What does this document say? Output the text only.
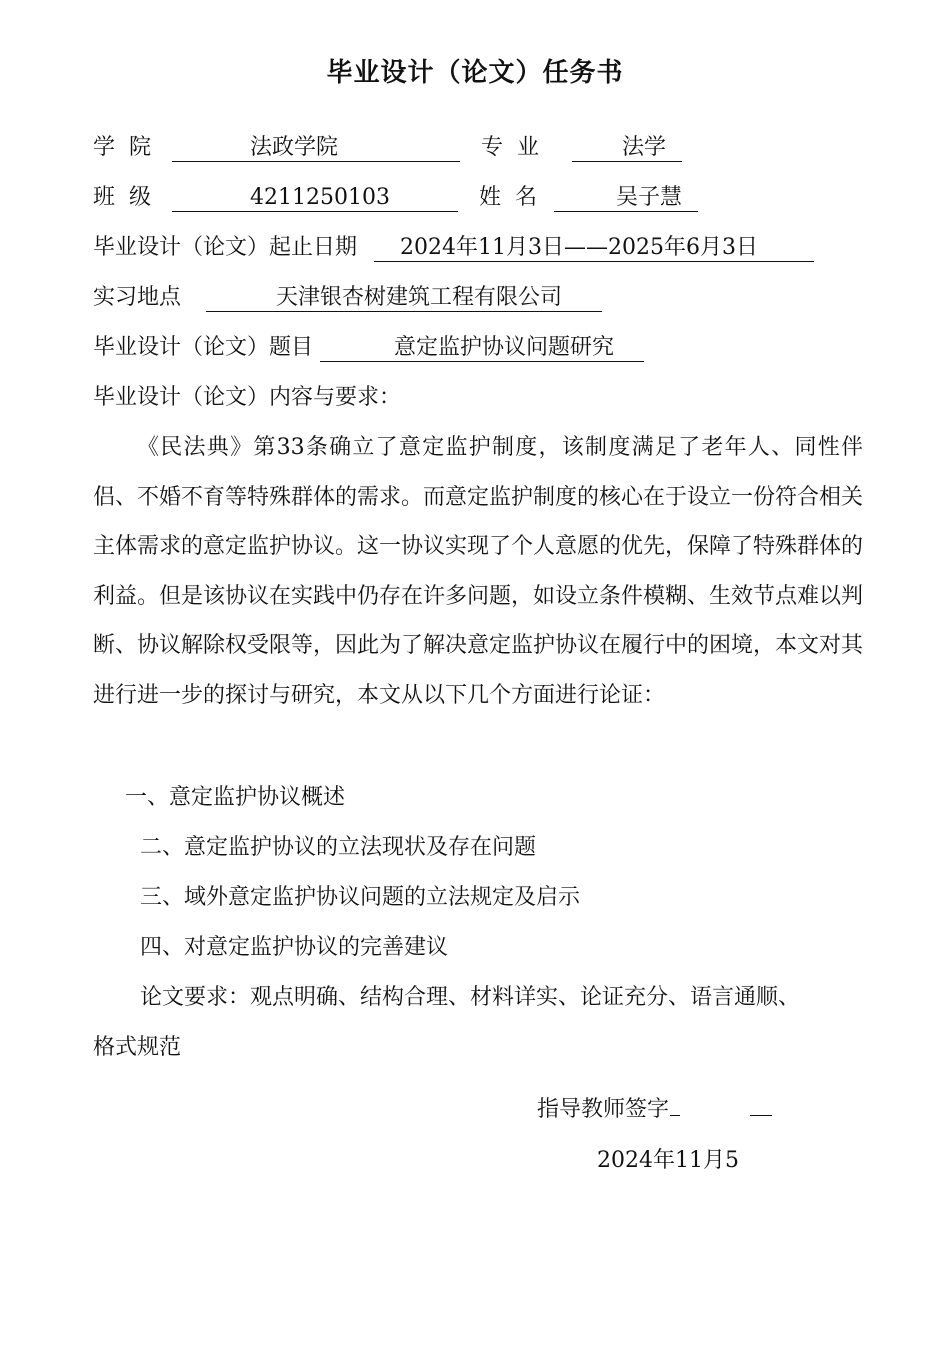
毕业设计（论文）任务书
学  院	法政学院	专  业	法学
班  级	4211250103	姓  名	吴子慧
毕业设计（论文）起止日期 2024年11月3日——2025年6月3日
实习地点	天津银杏树建筑工程有限公司
毕业设计（论文）题目	意定监护协议问题研究
毕业设计（论文）内容与要求：
《民法典》第33条确立了意定监护制度，该制度满足了老年人、同性伴侣、不婚不育等特殊群体的需求。而意定监护制度的核心在于设立一份符合相关主体需求的意定监护协议。这一协议实现了个人意愿的优先，保障了特殊群体的利益。但是该协议在实践中仍存在许多问题，如设立条件模糊、生效节点难以判断、协议解除权受限等，因此为了解决意定监护协议在履行中的困境，本文对其进行进一步的探讨与研究，本文从以下几个方面进行论证：
一、意定监护协议概述
二、意定监护协议的立法现状及存在问题
三、域外意定监护协议问题的立法规定及启示
四、对意定监护协议的完善建议
论文要求：观点明确、结构合理、材料详实、论证充分、语言通顺、
格式规范
指导教师签字
2024年11月5
